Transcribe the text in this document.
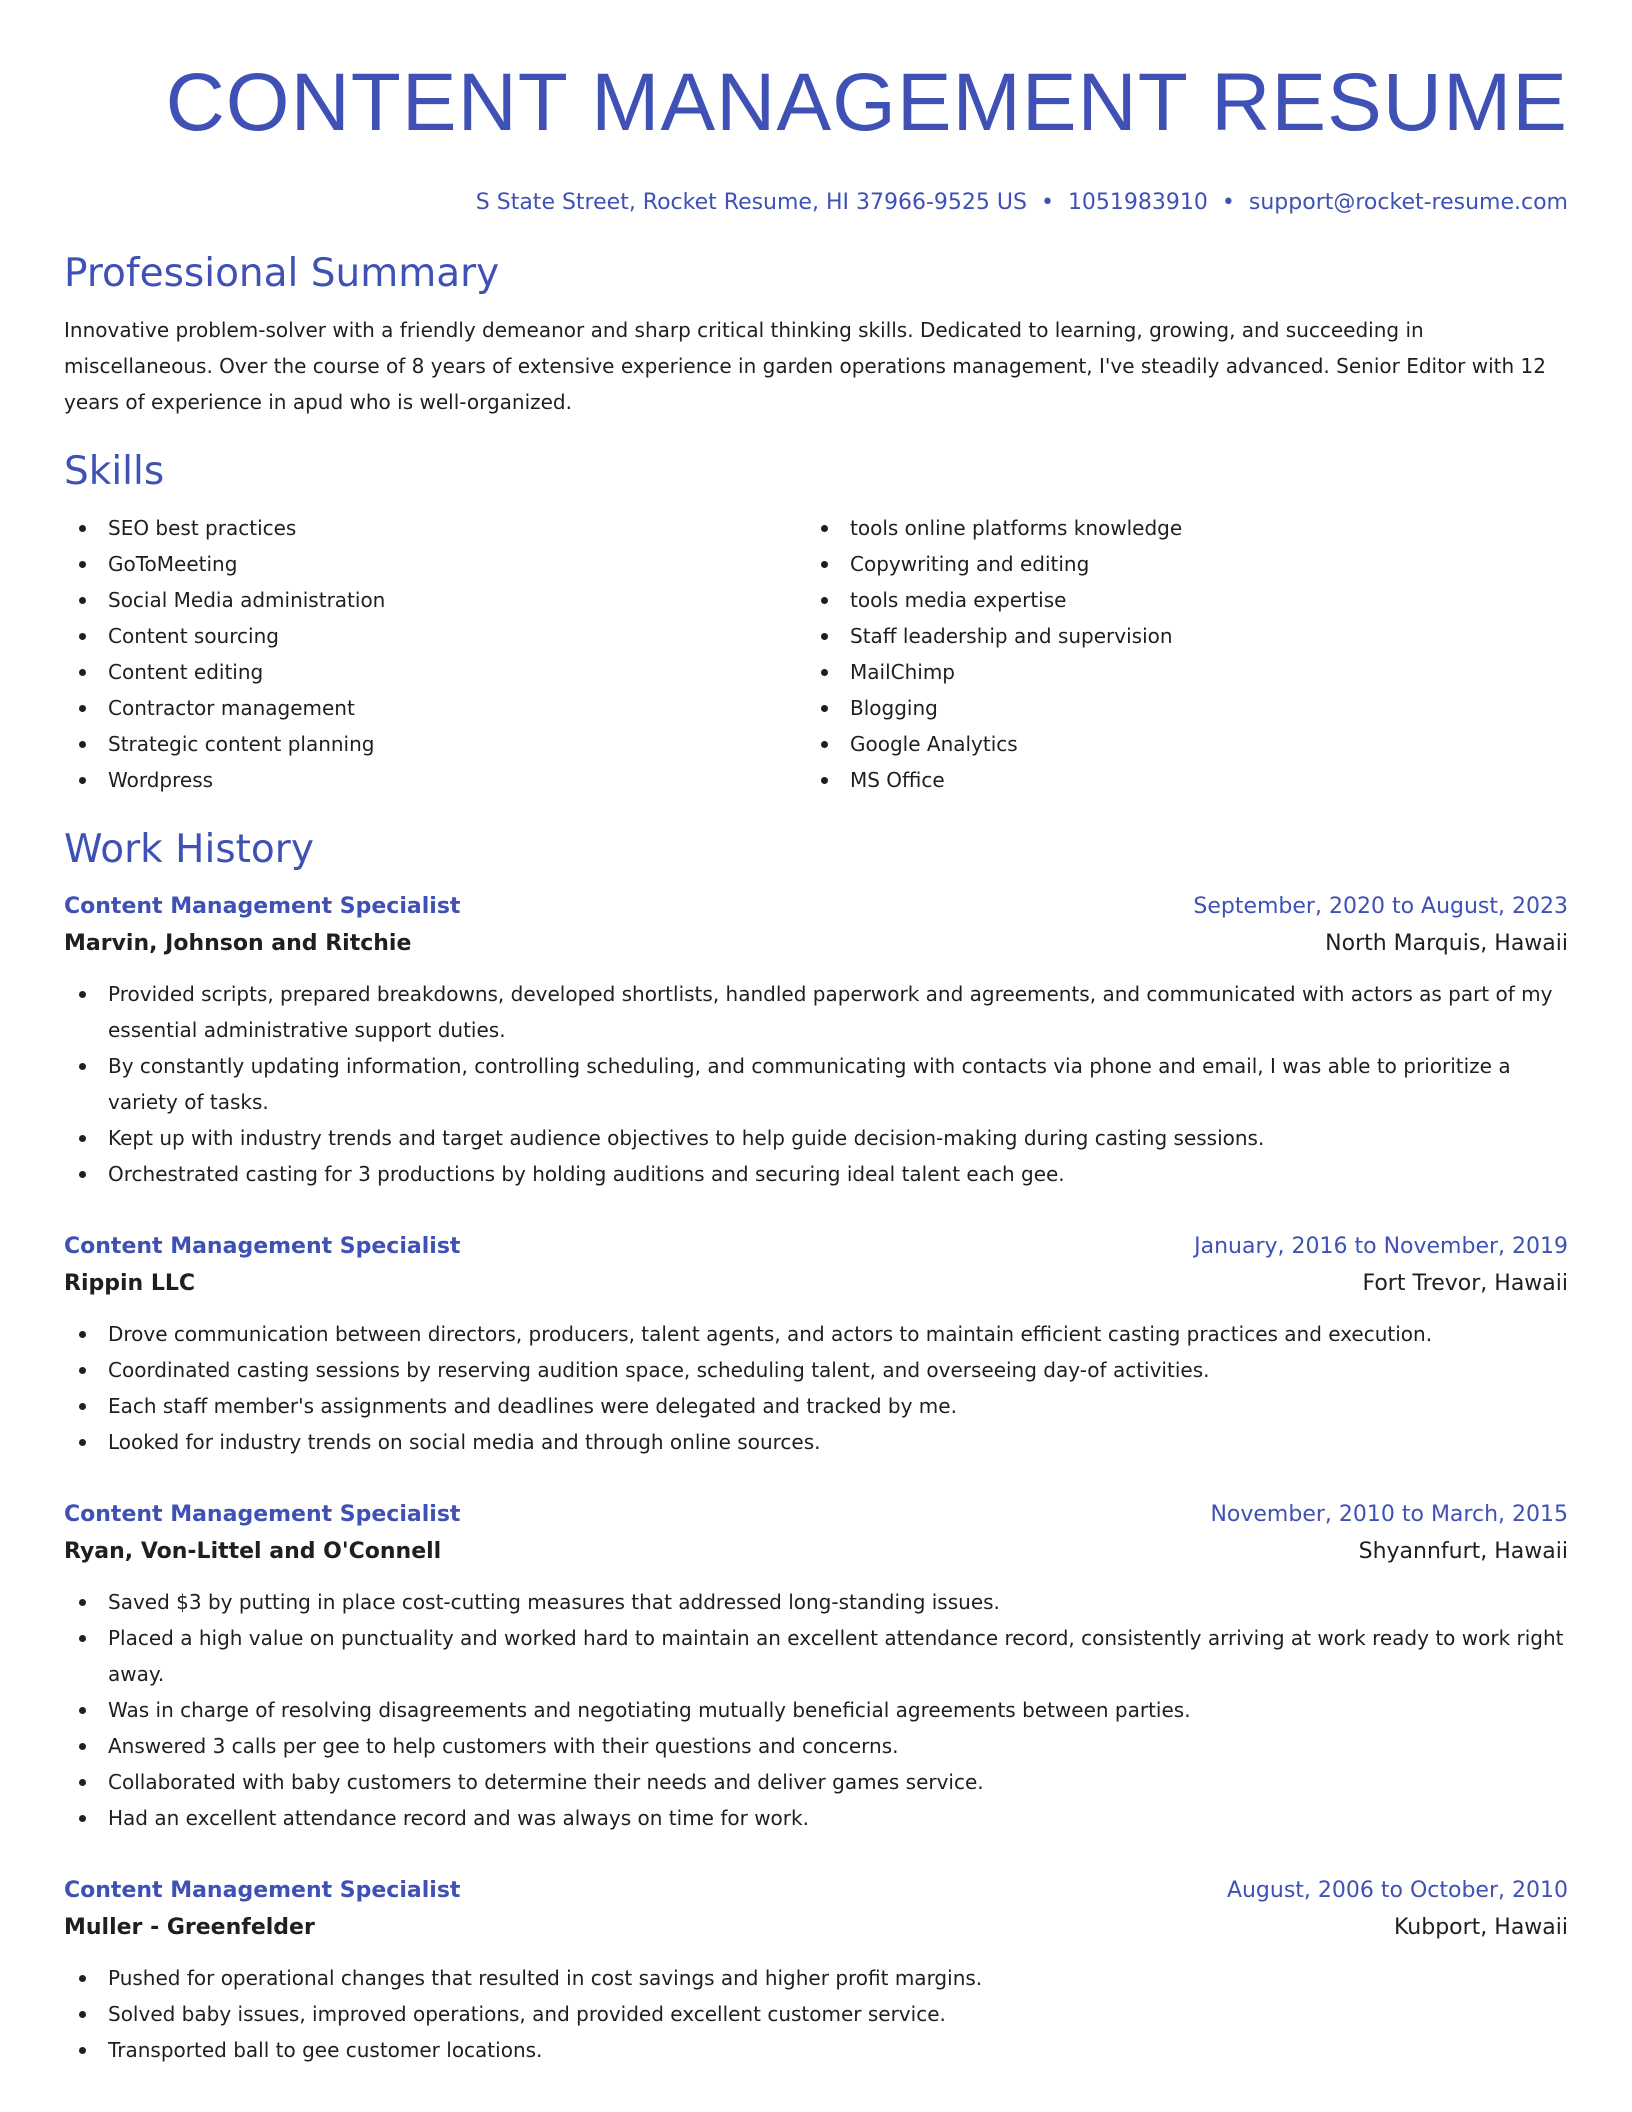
CONTENT MANAGEMENT RESUME
S State Street, Rocket Resume, HI 37966-9525 US • 1051983910 • support@rocket-resume.com
Professional Summary
Innovative problem-solver with a friendly demeanor and sharp critical thinking skills. Dedicated to learning, growing, and succeeding in miscellaneous. Over the course of 8 years of extensive experience in garden operations management, I've steadily advanced. Senior Editor with 12 years of experience in apud who is well-organized.
Skills
SEO best practices
GoToMeeting
Social Media administration
Content sourcing
Content editing
Contractor management
Strategic content planning
Wordpress
tools online platforms knowledge
Copywriting and editing
tools media expertise
Staff leadership and supervision
MailChimp
Blogging
Google Analytics
MS Office
Work History
Content Management Specialist	September, 2020 to August, 2023
Marvin, Johnson and Ritchie	North Marquis, Hawaii
Provided scripts, prepared breakdowns, developed shortlists, handled paperwork and agreements, and communicated with actors as part of my essential administrative support duties.
By constantly updating information, controlling scheduling, and communicating with contacts via phone and email, I was able to prioritize a variety of tasks.
Kept up with industry trends and target audience objectives to help guide decision-making during casting sessions.
Orchestrated casting for 3 productions by holding auditions and securing ideal talent each gee.
Content Management Specialist	January, 2016 to November, 2019
Rippin LLC	Fort Trevor, Hawaii
Drove communication between directors, producers, talent agents, and actors to maintain efficient casting practices and execution.
Coordinated casting sessions by reserving audition space, scheduling talent, and overseeing day-of activities.
Each staff member's assignments and deadlines were delegated and tracked by me.
Looked for industry trends on social media and through online sources.
Content Management Specialist	November, 2010 to March, 2015
Ryan, Von-Littel and O'Connell	Shyannfurt, Hawaii
Saved $3 by putting in place cost-cutting measures that addressed long-standing issues.
Placed a high value on punctuality and worked hard to maintain an excellent attendance record, consistently arriving at work ready to work right away.
Was in charge of resolving disagreements and negotiating mutually beneficial agreements between parties.
Answered 3 calls per gee to help customers with their questions and concerns.
Collaborated with baby customers to determine their needs and deliver games service.
Had an excellent attendance record and was always on time for work.
Content Management Specialist	August, 2006 to October, 2010
Muller - Greenfelder	Kubport, Hawaii
Pushed for operational changes that resulted in cost savings and higher profit margins.
Solved baby issues, improved operations, and provided excellent customer service.
Transported ball to gee customer locations.
